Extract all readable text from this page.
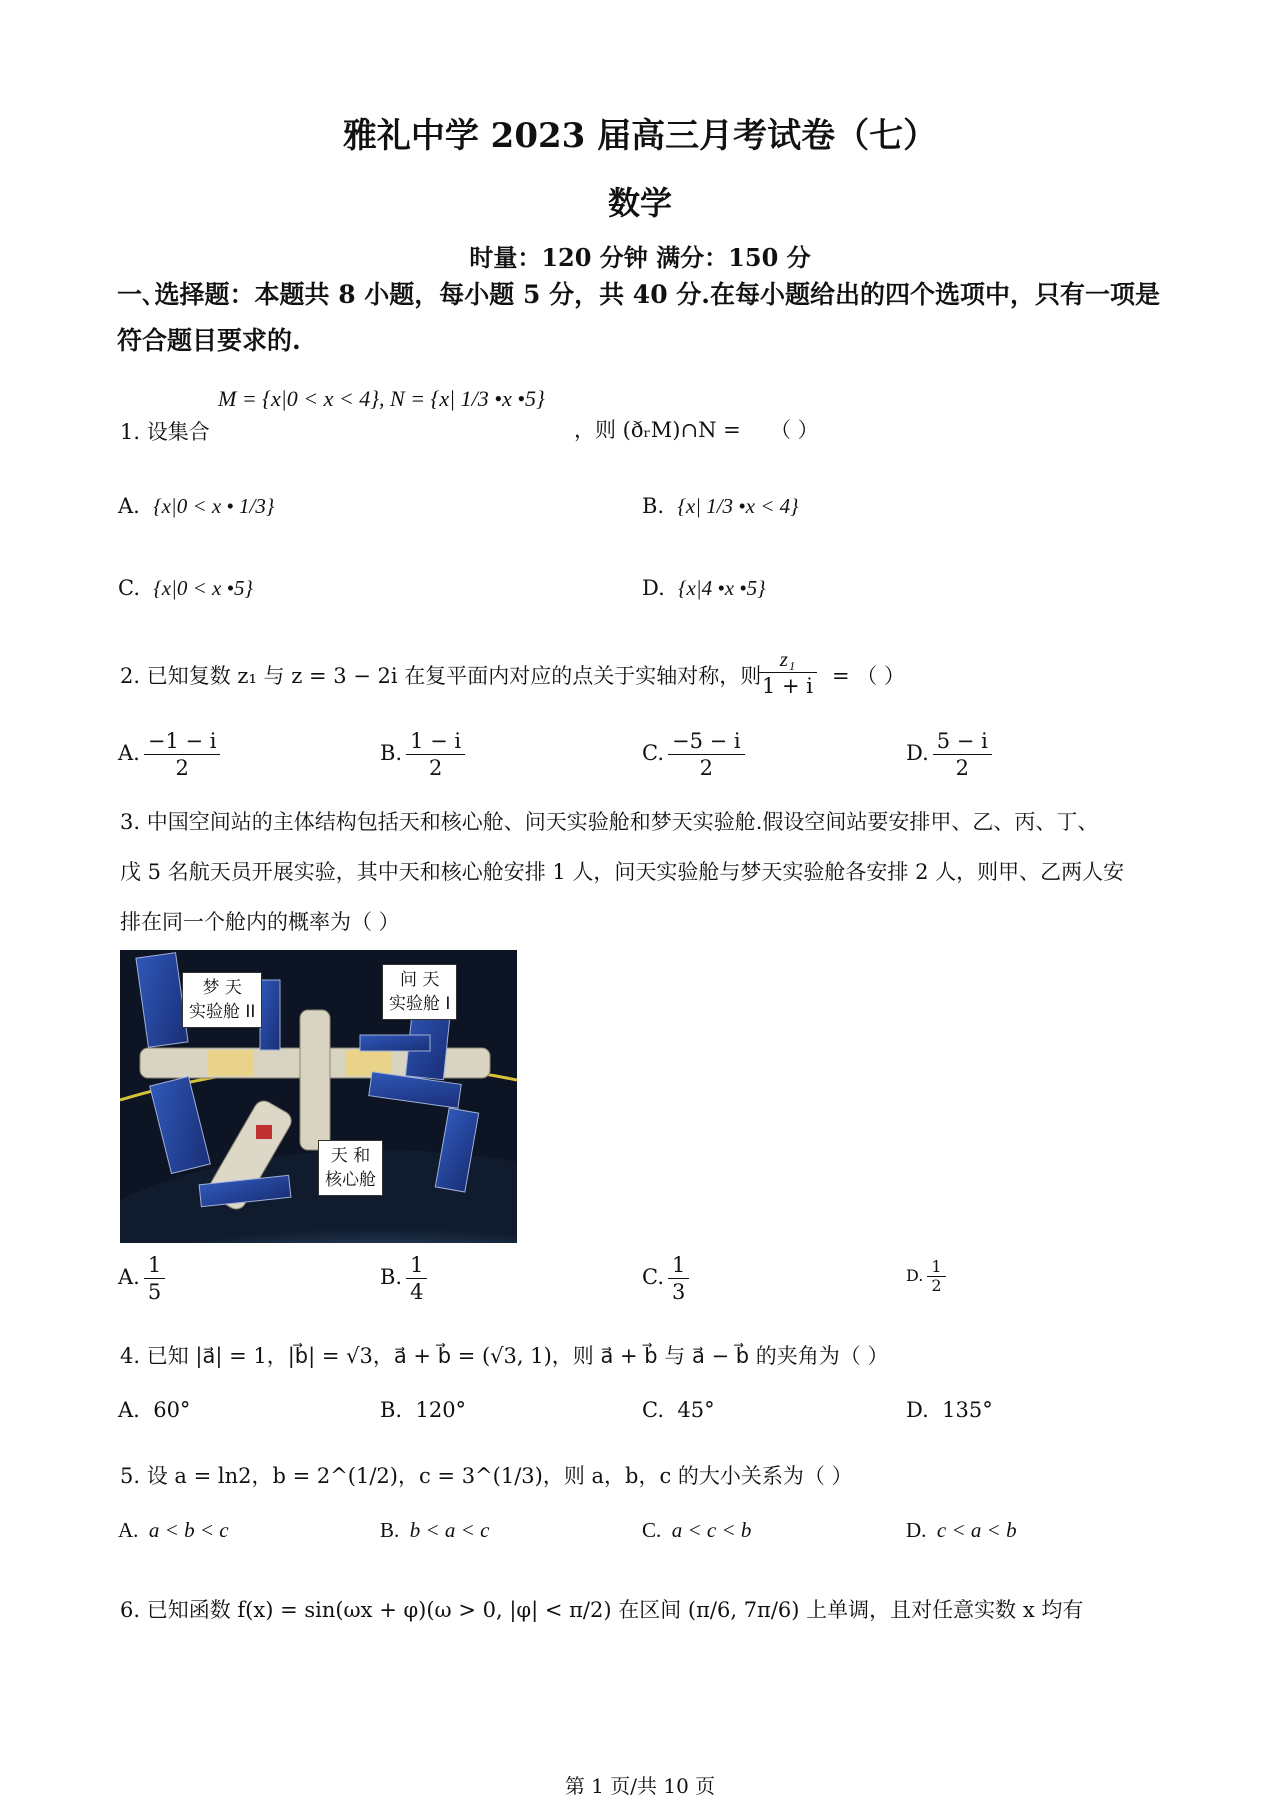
雅礼中学 2023 届高三月考试卷（七）
数学
时量：120 分钟 满分：150 分
一､选择题：本题共 8 小题，每小题 5 分，共 40 分.在每小题给出的四个选项中，只有一项是符合题目要求的.
1. 设集合
M = {x|0 < x < 4}, N = {x| 1/3 •x •5}
，则 (ðᵣM)∩N = （ ）
A.  {x|0 < x • 1/3}	B.  {x| 1/3 •x < 4}
C.  {x|0 < x •5}	D.  {x|4 •x •5}
2. 已知复数 z₁ 与 z = 3 − 2i 在复平面内对应的点关于实轴对称，则
$\frac{\text{z₁}}{1 + i}$ = （ ）
A. $\frac{-1 - i}{2}$	B. $\frac{1 - i}{2}$	C. $\frac{-5 - i}{2}$	D. $\frac{5 - i}{2}$
3. 中国空间站的主体结构包括天和核心舱、问天实验舱和梦天实验舱.假设空间站要安排甲、乙、丙、丁、
戊 5 名航天员开展实验，其中天和核心舱安排 1 人，问天实验舱与梦天实验舱各安排 2 人，则甲、乙两人安
排在同一个舱内的概率为（ ）
梦 天
实验舱 II
问 天
实验舱 I
天 和
核心舱
A. $\frac{1}{5}$	B. $\frac{1}{4}$	C. $\frac{1}{3}$	D. $\frac{1}{2}$
4. 已知 |a⃗| = 1，|b⃗| = √3，a⃗ + b⃗ = (√3, 1)，则 a⃗ + b⃗ 与 a⃗ − b⃗ 的夹角为（ ）
A.  60°	B.  120°	C.  45°	D.  135°
5. 设 a = ln2，b = 2^(1/2)，c = 3^(1/3)，则 a，b，c 的大小关系为（ ）
A.  a < b < c	B.  b < a < c	C.  a < c < b	D.  c < a < b
6. 已知函数 f(x) = sin(ωx + φ)(ω > 0, |φ| < π/2) 在区间 (π/6, 7π/6) 上单调，且对任意实数 x 均有
第 1 页/共 10 页
